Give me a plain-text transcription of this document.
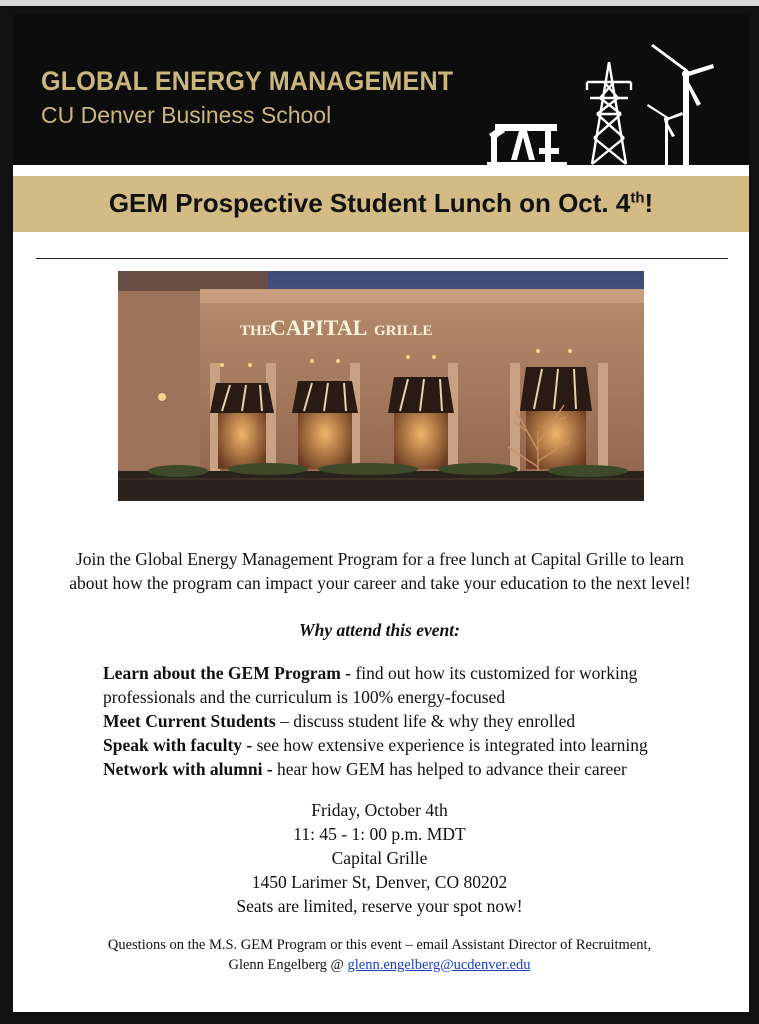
GLOBAL ENERGY MANAGEMENT
CU Denver Business School
GEM Prospective Student Lunch on Oct. 4th!
THE
CAPITAL GRILLE
Join the Global Energy Management Program for a free lunch at Capital Grille to learn
about how the program can impact your career and take your education to the next level!
Why attend this event:
Learn about the GEM Program - find out how its customized for working
professionals and the curriculum is 100% energy-focused
Meet Current Students – discuss student life & why they enrolled
Speak with faculty - see how extensive experience is integrated into learning
Network with alumni - hear how GEM has helped to advance their career
Friday, October 4th
11: 45 - 1: 00 p.m. MDT
Capital Grille
1450 Larimer St, Denver, CO 80202
Seats are limited, reserve your spot now!
Questions on the M.S. GEM Program or this event – email Assistant Director of Recruitment,
Glenn Engelberg @ glenn.engelberg@ucdenver.edu
